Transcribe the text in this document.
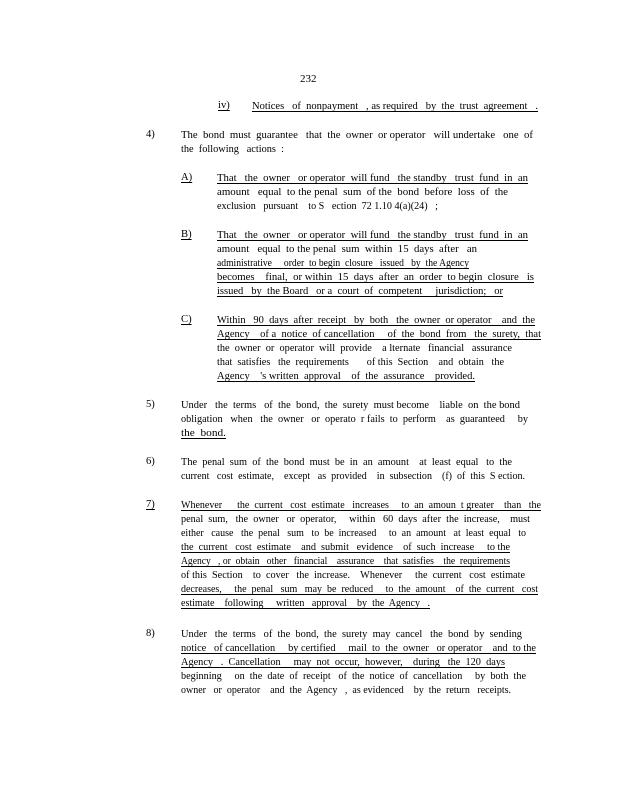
232
iv) Notices   of  nonpayment   , as required   by  the  trust  agreement   .
4) The  bond  must  guarantee   that  the  owner  or operator   will undertake   one  of
the  following   actions  :
A) That   the  owner   or operator  will fund   the standby   trust  fund  in  an
amount   equal  to the penal  sum  of the  bond  before  loss  of  the
exclusion   pursuant    to S   ection  72 1.10 4(a)(24)   ;
B) That   the  owner   or operator  will fund   the standby   trust  fund  in  an
amount   equal  to the penal  sum  within  15  days  after   an
administrative     order  to begin  closure   issued   by  the Agency
becomes    final,  or within  15  days  after  an  order  to begin  closure   is
issued   by  the Board   or a  court  of  competent     jurisdiction;   or
C) Within   90  days  after  receipt   by  both   the  owner  or operator    and  the
Agency    of a  notice  of cancellation     of  the  bond  from   the  surety,  that
the  owner  or  operator  will  provide    a lternate   financial   assurance
that  satisfies   the  requirements       of this  Section    and  obtain   the
Agency    's written  approval    of  the  assurance    provided.
5) Under   the  terms   of  the  bond,  the  surety  must become    liable  on  the bond
obligation   when   the  owner   or  operato  r fails  to  perform    as  guaranteed     by
the  bond.
6) The  penal  sum  of  the  bond  must  be  in  an  amount    at  least  equal   to  the
current   cost  estimate,    except   as  provided    in  subsection    (f)  of  this  S ection.
7) Whenever      the  current   cost  estimate   increases     to  an  amoun  t greater    than   the
penal  sum,   the  owner   or  operator,     within   60  days  after  the  increase,    must
either   cause   the  penal   sum   to  be  increased     to  an  amount   at  least  equal   to
the  current   cost  estimate    and  submit   evidence    of  such  increase     to the
Agency   , or  obtain   other   financial    assurance    that  satisfies    the  requirements
of this  Section    to  cover   the  increase.    Whenever     the  current   cost  estimate
decreases,     the  penal   sum   may  be  reduced     to  the  amount    of  the  current   cost
estimate    following     written   approval    by  the  Agency   .
8) Under   the  terms   of  the  bond,  the  surety  may  cancel   the  bond  by  sending
notice   of cancellation     by certified     mail  to  the  owner   or operator    and  to the
Agency   .  Cancellation     may  not  occur,  however,    during   the  120  days
beginning     on  the  date  of  receipt   of  the  notice  of  cancellation     by  both  the
owner   or  operator    and  the  Agency   ,  as evidenced    by  the  return   receipts.
